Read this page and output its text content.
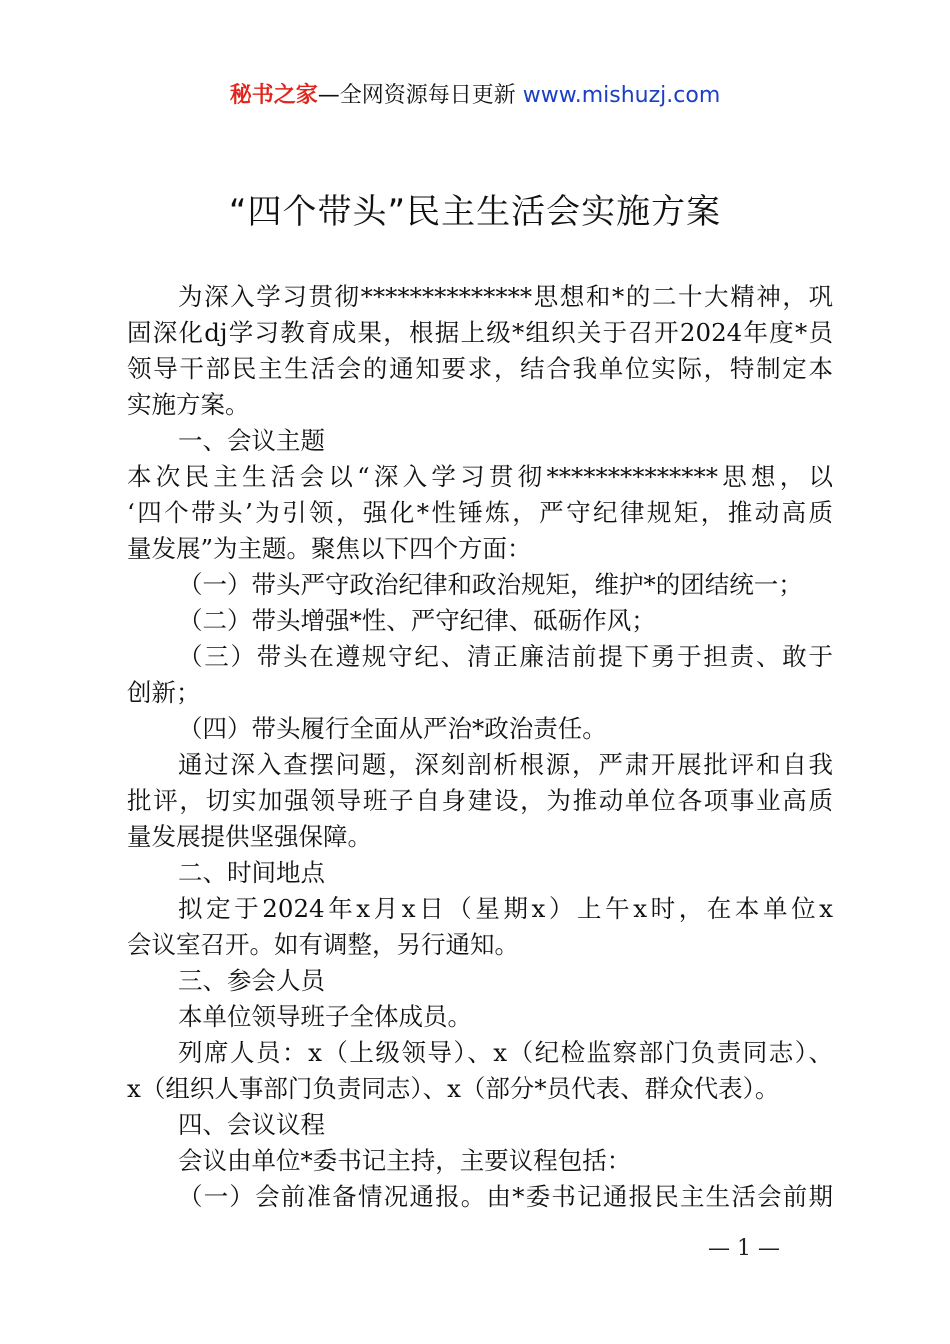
秘书之家—全网资源每日更新 www.mishuzj.com
“四个带头”民主生活会实施方案
为深入学习贯彻**************思想和*的二十大精神，巩
固深化dj学习教育成果，根据上级*组织关于召开2024年度*员
领导干部民主生活会的通知要求，结合我单位实际，特制定本
实施方案。
一、会议主题
本次民主生活会以“深入学习贯彻**************思想，以
‘四个带头’为引领，强化*性锤炼，严守纪律规矩，推动高质
量发展”为主题。聚焦以下四个方面：
（一）带头严守政治纪律和政治规矩，维护*的团结统一；
（二）带头增强*性、严守纪律、砥砺作风；
（三）带头在遵规守纪、清正廉洁前提下勇于担责、敢于
创新；
（四）带头履行全面从严治*政治责任。
通过深入查摆问题，深刻剖析根源，严肃开展批评和自我
批评，切实加强领导班子自身建设，为推动单位各项事业高质
量发展提供坚强保障。
二、时间地点
拟定于2024年x月x日（星期x）上午x时，在本单位x
会议室召开。如有调整，另行通知。
三、参会人员
本单位领导班子全体成员。
列席人员：x（上级领导）、x（纪检监察部门负责同志）、
x（组织人事部门负责同志）、x（部分*员代表、群众代表）。
四、会议议程
会议由单位*委书记主持，主要议程包括：
（一）会前准备情况通报。由*委书记通报民主生活会前期
— 1 —
